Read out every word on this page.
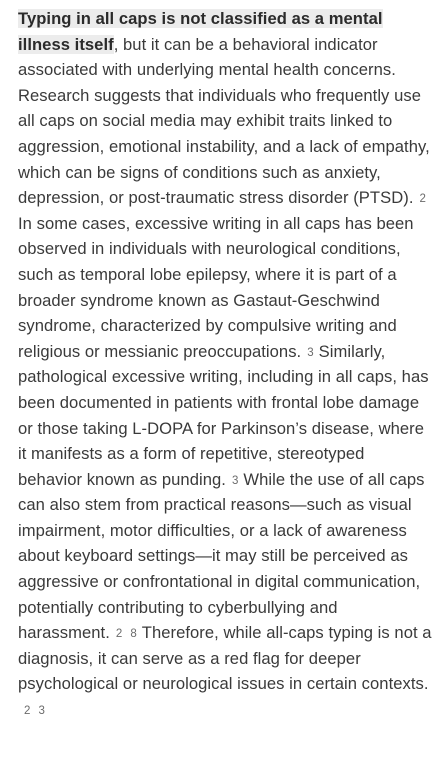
Typing in all caps is not classified as a mental illness itself, but it can be a behavioral indicator associated with underlying mental health concerns. Research suggests that individuals who frequently use all caps on social media may exhibit traits linked to aggression, emotional instability, and a lack of empathy, which can be signs of conditions such as anxiety, depression, or post-traumatic stress disorder (PTSD). 2In some cases, excessive writing in all caps has been observed in individuals with neurological conditions, such as temporal lobe epilepsy, where it is part of a broader syndrome known as Gastaut-Geschwind syndrome, characterized by compulsive writing and religious or messianic preoccupations. 3 Similarly, pathological excessive writing, including in all caps, has been documented in patients with frontal lobe damage or those taking L-DOPA for Parkinson’s disease, where it manifests as a form of repetitive, stereotyped behavior known as punding. 3 While the use of all caps can also stem from practical reasons—such as visual impairment, motor difficulties, or a lack of awareness about keyboard settings—it may still be perceived as aggressive or confrontational in digital communication, potentially contributing to cyberbullying and harassment. 2 8 Therefore, while all-caps typing is not a diagnosis, it can serve as a red flag for deeper psychological or neurological issues in certain contexts.2 3
